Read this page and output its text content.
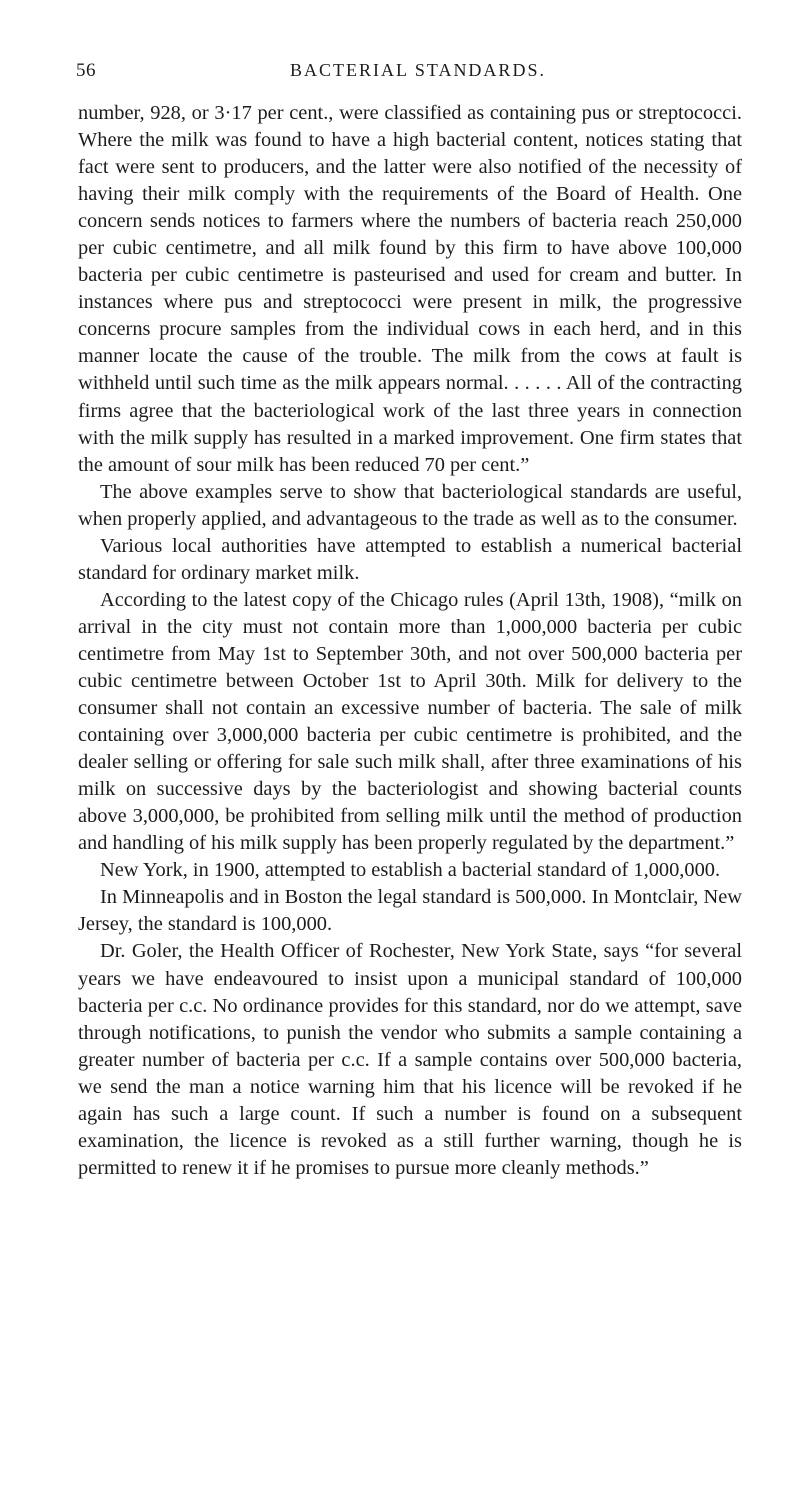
56	BACTERIAL STANDARDS.

number, 928, or 3·17 per cent., were classified as containing pus or streptococci. Where the milk was found to have a high bacterial content, notices stating that fact were sent to producers, and the latter were also notified of the necessity of having their milk comply with the requirements of the Board of Health. One concern sends notices to farmers where the numbers of bacteria reach 250,000 per cubic centimetre, and all milk found by this firm to have above 100,000 bacteria per cubic centimetre is pasteurised and used for cream and butter. In instances where pus and streptococci were present in milk, the progressive concerns procure samples from the individual cows in each herd, and in this manner locate the cause of the trouble. The milk from the cows at fault is withheld until such time as the milk appears normal. . . . . . All of the contracting firms agree that the bacteriological work of the last three years in connection with the milk supply has resulted in a marked improvement. One firm states that the amount of sour milk has been reduced 70 per cent.”

The above examples serve to show that bacteriological standards are useful, when properly applied, and advantageous to the trade as well as to the consumer.

Various local authorities have attempted to establish a numerical bacterial standard for ordinary market milk.

According to the latest copy of the Chicago rules (April 13th, 1908), “milk on arrival in the city must not contain more than 1,000,000 bacteria per cubic centimetre from May 1st to September 30th, and not over 500,000 bacteria per cubic centimetre between October 1st to April 30th. Milk for delivery to the consumer shall not contain an excessive number of bacteria. The sale of milk containing over 3,000,000 bacteria per cubic centimetre is prohibited, and the dealer selling or offering for sale such milk shall, after three examinations of his milk on successive days by the bacteriologist and showing bacterial counts above 3,000,000, be prohibited from selling milk until the method of production and handling of his milk supply has been properly regulated by the department.”

New York, in 1900, attempted to establish a bacterial standard of 1,000,000.

In Minneapolis and in Boston the legal standard is 500,000. In Montclair, New Jersey, the standard is 100,000.

Dr. Goler, the Health Officer of Rochester, New York State, says “for several years we have endeavoured to insist upon a municipal standard of 100,000 bacteria per c.c. No ordinance provides for this standard, nor do we attempt, save through notifications, to punish the vendor who submits a sample containing a greater number of bacteria per c.c. If a sample contains over 500,000 bacteria, we send the man a notice warning him that his licence will be revoked if he again has such a large count. If such a number is found on a subsequent examination, the licence is revoked as a still further warning, though he is permitted to renew it if he promises to pursue more cleanly methods.”
